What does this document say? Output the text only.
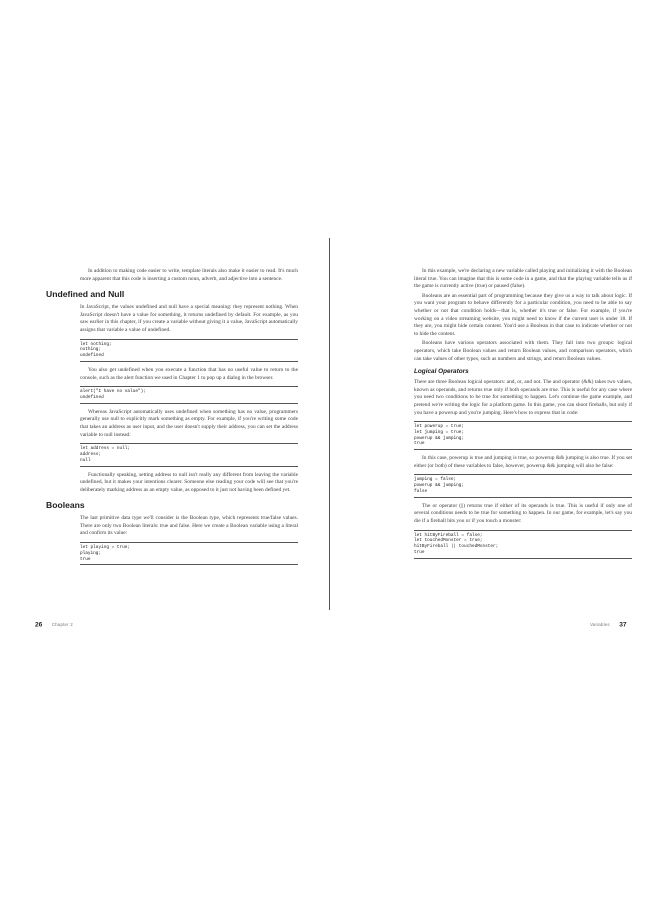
In addition to making code easier to write, template literals also make it easier to read. It's much more apparent that this code is inserting a custom noun, adverb, and adjective into a sentence.

Undefined and Null

In JavaScript, the values undefined and null have a special meaning: they represent nothing. When JavaScript doesn't have a value for something, it returns undefined by default. For example, as you saw earlier in this chapter, if you create a variable without giving it a value, JavaScript automatically assigns that variable a value of undefined.

let nothing;
nothing;
undefined

You also get undefined when you execute a function that has no useful value to return to the console, such as the alert function we used in Chapter 1 to pop up a dialog in the browser.

alert("I have no value");
undefined

Whereas JavaScript automatically uses undefined when something has no value, programmers generally use null to explicitly mark something as empty. For example, if you're writing some code that takes an address as user input, and the user doesn't supply their address, you can set the address variable to null instead:

let address = null;
address;
null

Functionally speaking, setting address to null isn't really any different from leaving the variable undefined, but it makes your intentions clearer. Someone else reading your code will see that you're deliberately marking address as an empty value, as opposed to it just not having been defined yet.

Booleans

The last primitive data type we'll consider is the Boolean type, which represents true/false values. There are only two Boolean literals: true and false. Here we create a Boolean variable using a literal and confirm its value:

let playing = true;
playing;
true

In this example, we're declaring a new variable called playing and initializing it with the Boolean literal true. You can imagine that this is some code in a game, and that the playing variable tells us if the game is currently active (true) or paused (false).

Booleans are an essential part of programming because they give us a way to talk about logic. If you want your program to behave differently for a particular condition, you need to be able to say whether or not that condition holds—that is, whether it's true or false. For example, if you're working on a video streaming website, you might need to know if the current user is under 18. If they are, you might hide certain content. You'd use a Boolean in that case to indicate whether or not to hide the content.

Booleans have various operators associated with them. They fall into two groups: logical operators, which take Boolean values and return Boolean values, and comparison operators, which can take values of other types, such as numbers and strings, and return Boolean values.

Logical Operators

There are three Boolean logical operators: and, or, and not. The and operator (&&) takes two values, known as operands, and returns true only if both operands are true. This is useful for any case where you need two conditions to be true for something to happen. Let's continue the game example, and pretend we're writing the logic for a platform game. In this game, you can shoot fireballs, but only if you have a powerup and you're jumping. Here's how to express that in code:

let powerup = true;
let jumping = true;
powerup && jumping;
true

In this case, powerup is true and jumping is true, so powerup && jumping is also true. If you set either (or both) of these variables to false, however, powerup && jumping will also be false:

jumping = false;
powerup && jumping;
false

The or operator (||) returns true if either of its operands is true. This is useful if only one of several conditions needs to be true for something to happen. In our game, for example, let's say you die if a fireball hits you or if you touch a monster:

let hitByFireball = false;
let touchedMonster = true;
hitByFireball || touchedMonster;
true
26 Chapter 2	Variables 37
